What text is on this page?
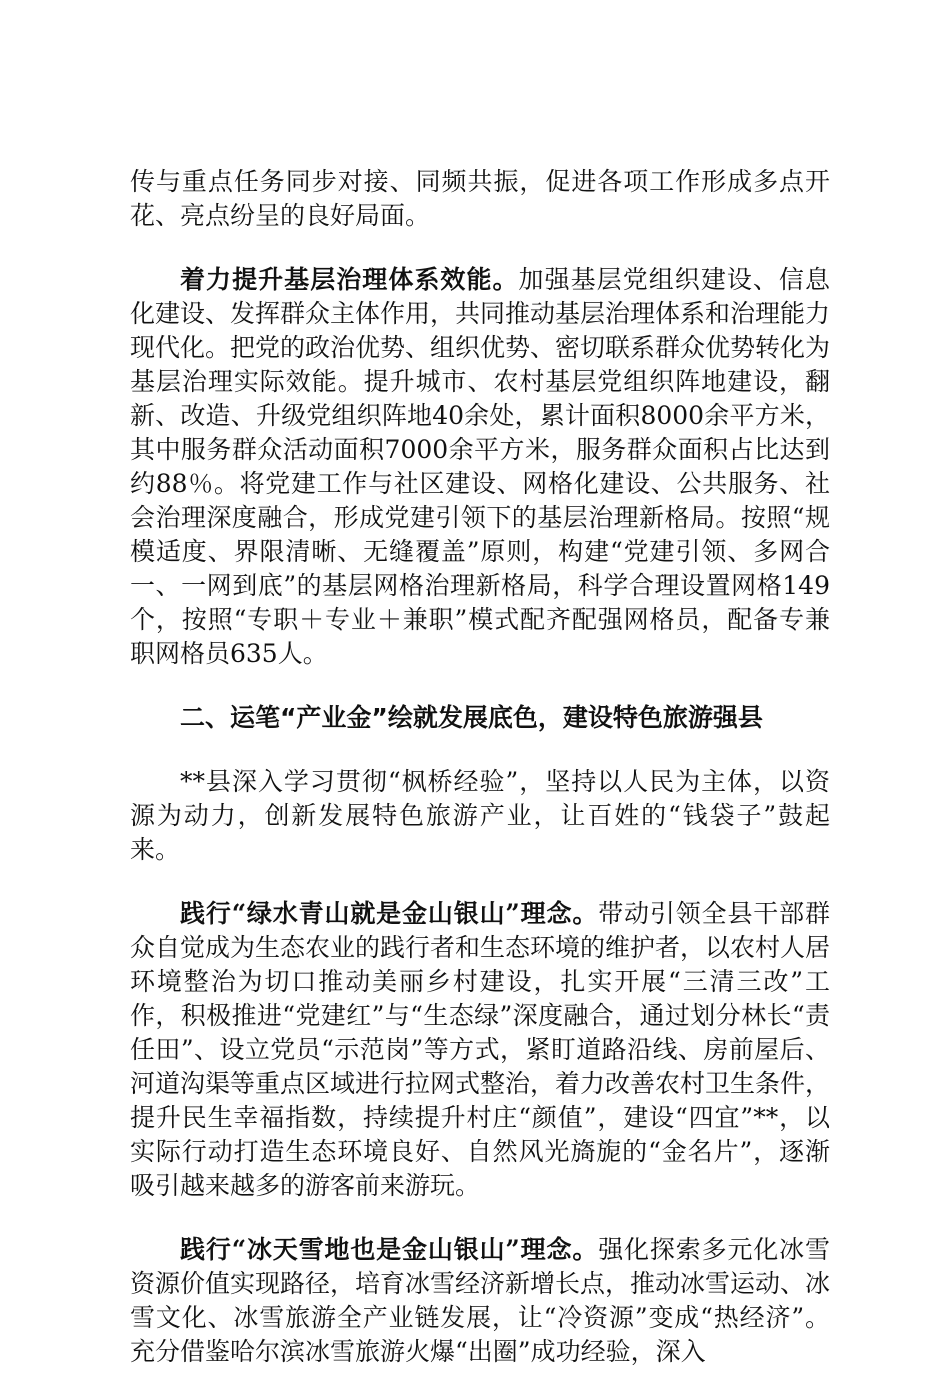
传与重点任务同步对接、同频共振，促进各项工作形成多点开花、亮点纷呈的良好局面。

着力提升基层治理体系效能。加强基层党组织建设、信息化建设、发挥群众主体作用，共同推动基层治理体系和治理能力现代化。把党的政治优势、组织优势、密切联系群众优势转化为基层治理实际效能。提升城市、农村基层党组织阵地建设，翻新、改造、升级党组织阵地40余处，累计面积8000余平方米，其中服务群众活动面积7000余平方米，服务群众面积占比达到约88％。将党建工作与社区建设、网格化建设、公共服务、社会治理深度融合，形成党建引领下的基层治理新格局。按照“规模适度、界限清晰、无缝覆盖”原则，构建“党建引领、多网合一、一网到底”的基层网格治理新格局，科学合理设置网格149个，按照“专职＋专业＋兼职”模式配齐配强网格员，配备专兼职网格员635人。

二、运笔“产业金”绘就发展底色，建设特色旅游强县

**县深入学习贯彻“枫桥经验”，坚持以人民为主体，以资源为动力，创新发展特色旅游产业，让百姓的“钱袋子”鼓起来。

践行“绿水青山就是金山银山”理念。带动引领全县干部群众自觉成为生态农业的践行者和生态环境的维护者，以农村人居环境整治为切口推动美丽乡村建设，扎实开展“三清三改”工作，积极推进“党建红”与“生态绿”深度融合，通过划分林长“责任田”、设立党员“示范岗”等方式，紧盯道路沿线、房前屋后、河道沟渠等重点区域进行拉网式整治，着力改善农村卫生条件，提升民生幸福指数，持续提升村庄“颜值”，建设“四宜”**，以实际行动打造生态环境良好、自然风光旖旎的“金名片”，逐渐吸引越来越多的游客前来游玩。

践行“冰天雪地也是金山银山”理念。强化探索多元化冰雪资源价值实现路径，培育冰雪经济新增长点，推动冰雪运动、冰雪文化、冰雪旅游全产业链发展，让“冷资源”变成“热经济”。充分借鉴哈尔滨冰雪旅游火爆“出圈”成功经验，深入
